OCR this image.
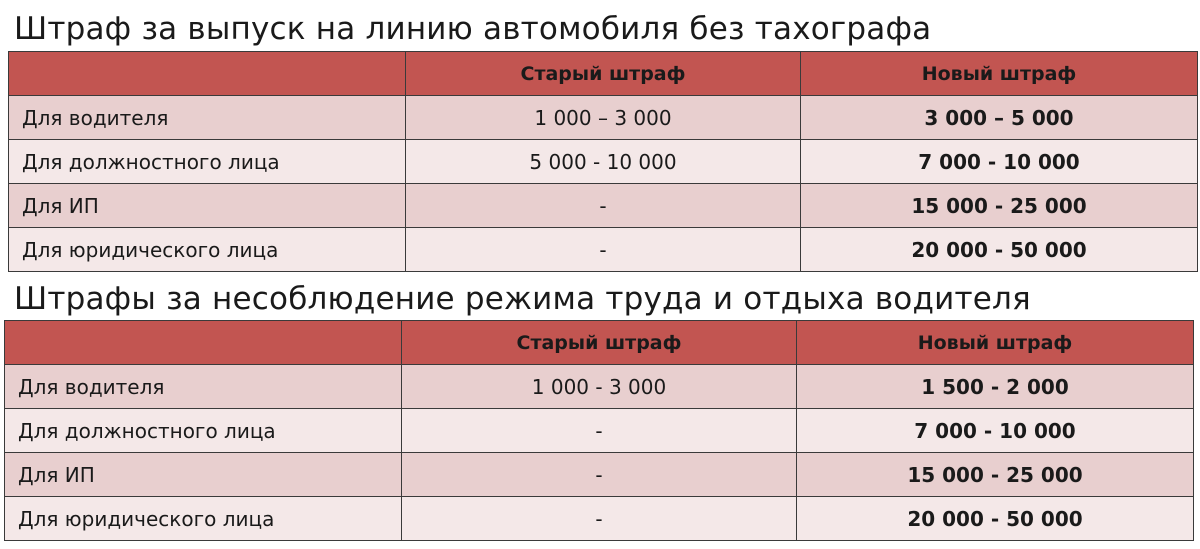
Штраф за выпуск на линию автомобиля без тахографа
	Старый штраф	Новый штраф
Для водителя	1 000 – 3 000	3 000 – 5 000
Для должностного лица	5 000 - 10 000	7 000 - 10 000
Для ИП	-	15 000 - 25 000
Для юридического лица	-	20 000 - 50 000
Штрафы за несоблюдение режима труда и отдыха водителя
	Старый штраф	Новый штраф
Для водителя	1 000 - 3 000	1 500 - 2 000
Для должностного лица	-	7 000 - 10 000
Для ИП	-	15 000 - 25 000
Для юридического лица	-	20 000 - 50 000
